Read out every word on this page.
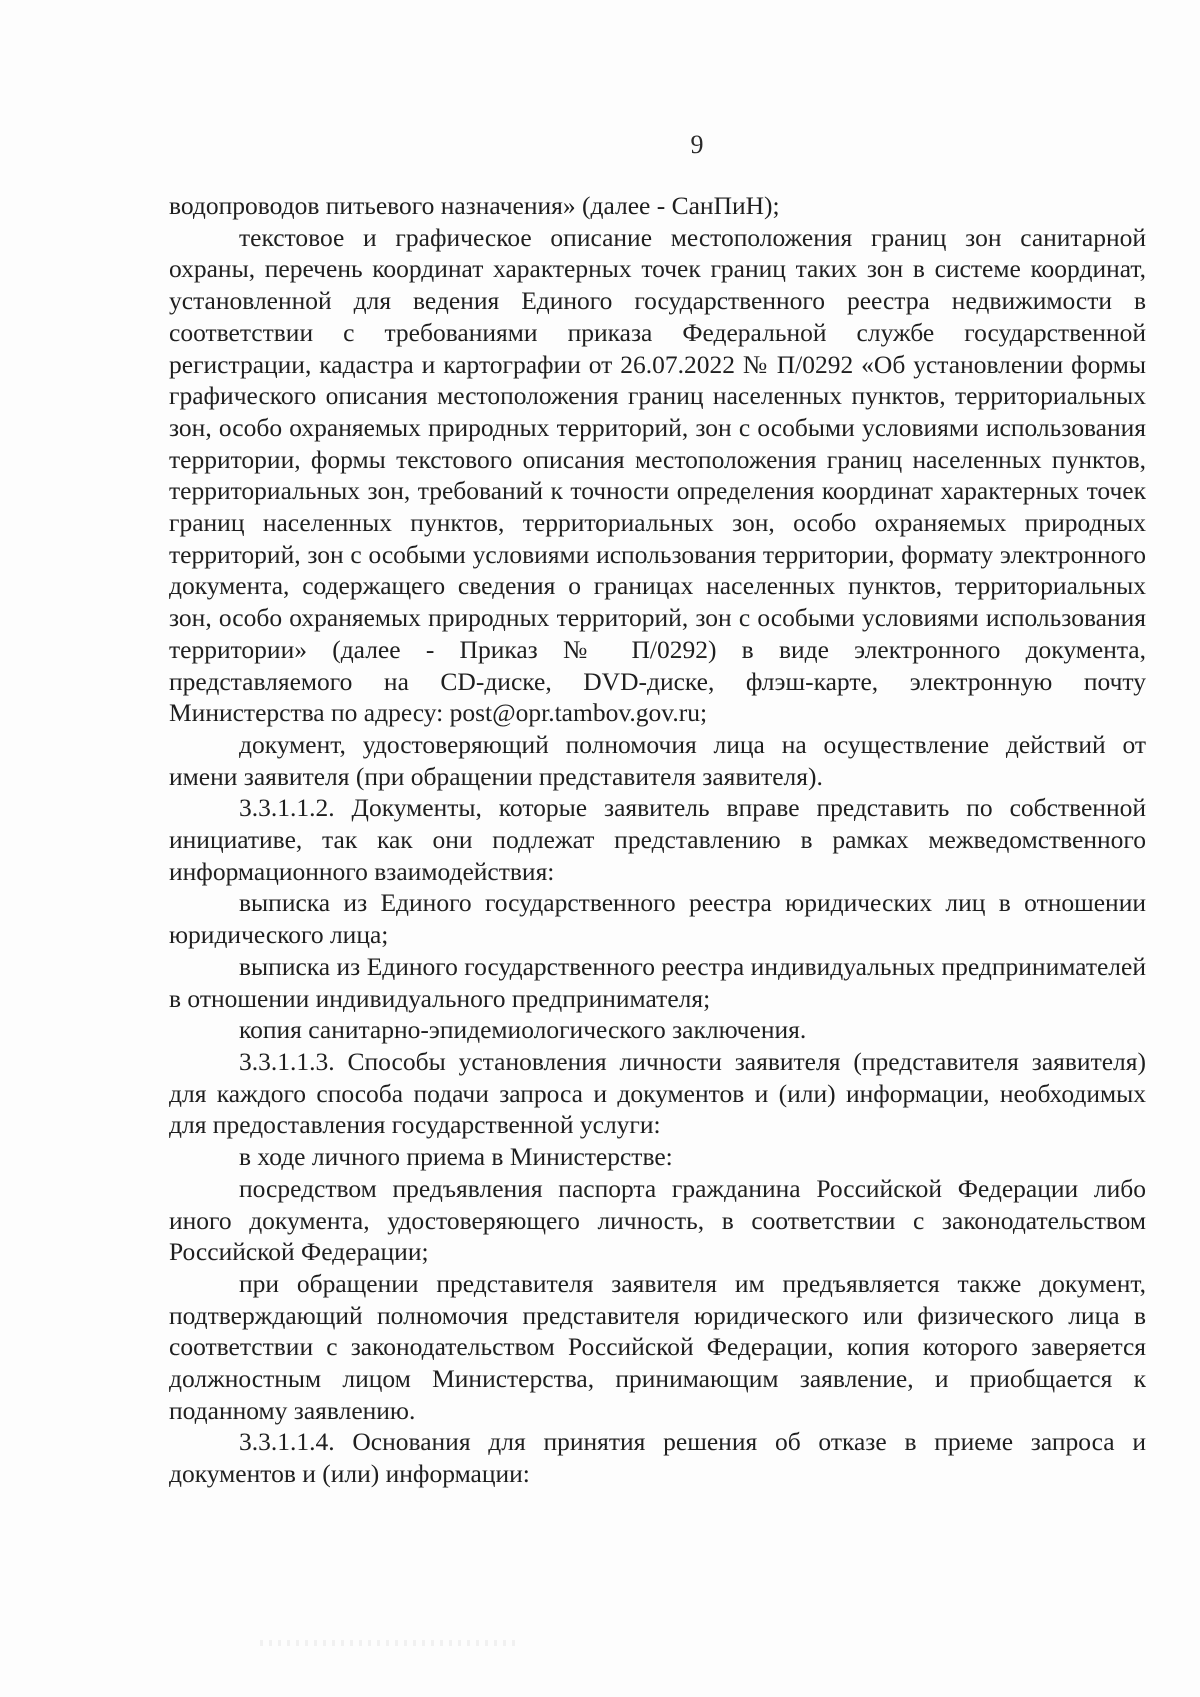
9

водопроводов питьевого назначения» (далее - СанПиН);

текстовое и графическое описание местоположения границ зон санитарной охраны, перечень координат характерных точек границ таких зон в системе координат, установленной для ведения Единого государственного реестра недвижимости в соответствии с требованиями приказа Федеральной службе государственной регистрации, кадастра и картографии от 26.07.2022 № П/0292 «Об установлении формы графического описания местоположения границ населенных пунктов, территориальных зон, особо охраняемых природных территорий, зон с особыми условиями использования территории, формы текстового описания местоположения границ населенных пунктов, территориальных зон, требований к точности определения координат характерных точек границ населенных пунктов, территориальных зон, особо охраняемых природных территорий, зон с особыми условиями использования территории, формату электронного документа, содержащего сведения о границах населенных пунктов, территориальных зон, особо охраняемых природных территорий, зон с особыми условиями использования территории» (далее - Приказ № П/0292) в виде электронного документа, представляемого на CD-диске, DVD-диске, флэш-карте, электронную почту Министерства по адресу: post@opr.tambov.gov.ru;

документ, удостоверяющий полномочия лица на осуществление действий от имени заявителя (при обращении представителя заявителя).

3.3.1.1.2. Документы, которые заявитель вправе представить по собственной инициативе, так как они подлежат представлению в рамках межведомственного информационного взаимодействия:

выписка из Единого государственного реестра юридических лиц в отношении юридического лица;

выписка из Единого государственного реестра индивидуальных предпринимателей в отношении индивидуального предпринимателя;

копия санитарно-эпидемиологического заключения.

3.3.1.1.3. Способы установления личности заявителя (представителя заявителя) для каждого способа подачи запроса и документов и (или) информации, необходимых для предоставления государственной услуги:

в ходе личного приема в Министерстве:

посредством предъявления паспорта гражданина Российской Федерации либо иного документа, удостоверяющего личность, в соответствии с законодательством Российской Федерации;

при обращении представителя заявителя им предъявляется также документ, подтверждающий полномочия представителя юридического или физического лица в соответствии с законодательством Российской Федерации, копия которого заверяется должностным лицом Министерства, принимающим заявление, и приобщается к поданному заявлению.

3.3.1.1.4. Основания для принятия решения об отказе в приеме запроса и документов и (или) информации:
